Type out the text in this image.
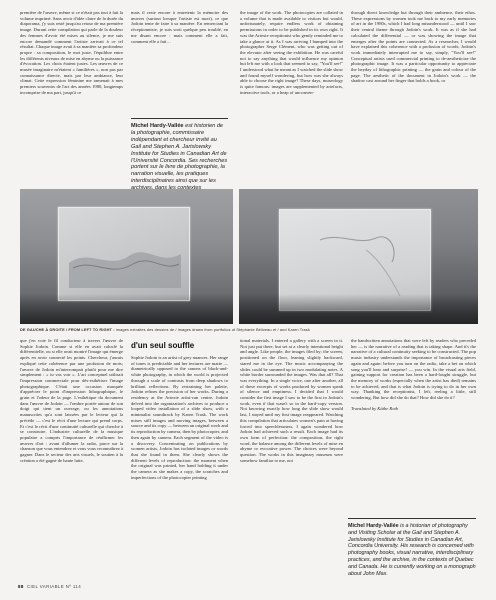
première de l'œuvre, même si ce n'était pas tout à fait la volume imprimé. Sans avoir d'idée claire de la durée du diaporama, j'y suis resté jusqu'au retour de ma première image. Durant cette compilation qui parle de la douleur des femmes d'avoir été mises au silence, je me suis encore demandé comment l'artiste arrivait à ce tel résultat. Chaque image avait à sa manière sa profondeur propre : sa composition, le mot juste, l'équilibre entre les différents niveaux de mise en abyme ou la puissance d'évocation. Les choix étaient justes. Les œuvres de ce musée imaginaire m'étaient « familières », non pas par connaissance directe, mais par leur ambiance, leur climat. Cette expression féminine me ramenait à mes premiers souvenirs de l'art des années 1980, longtemps incomprise de ma part, jusqu'à ce

mais il reste encore à entretenir la mémoire des œuvres (surtout lorsque l'artiste est mort), ce que Jodoin tente de faire à sa manière. En remerciant la réceptionniste, je suis sorti quelque peu troublé, en me disant encore : mais comment elle a fait, comment elle a fait…

Michel Hardy-Vallée est historien de la photographie, commissaire indépendant et chercheur invité au Gail and Stephen A. Jarislowsky Institute for Studies in Canadian Art de l'Université Concordia. Ses recherches portent sur le livre de photographie, la narration visuelle, les pratiques interdisciplinaires ainsi que sur les

the image of the work. The photocopies are collated in a volume that is made available to visitors but would, unfortunately, require endless work of obtaining permissions in order to be published in its own right. It was the Artexte receptionist who gently reminded me to take a glance at it. As I was arriving I bumped into the photographer Serge Clément, who was getting out of the elevator after seeing the exhibition. He was careful not to say anything that would influence my opinion but left me with a look that seemed to say, "You'll see!" I understood what he meant as I watched the slide show and found myself wondering, but how was she always able to choose the right image? These days, museology is quite famous: images are supplemented by artefacts, interactive tools, or a heap of unconven-

through direct knowledge but through their ambience, their ethos. These expressions by women took me back to my early memories of art in the 1980s, which I had long misunderstood — until I saw their central theme through Jodoin's work. It was as if she had calculated the differential — or was showing the image that emerges after the points are connected. As a researcher, I would have explained this coherence with a profusion of words; Jodoin's work immediately interrupted me to say, simply, "You'll see!" Conceptual artists used commercial printing to de-aestheticize the photographic image. It was a particular opportunity to appreciate the heyday of lithographic printing — the grain and colour of the page. The aesthetic of the document in Jodoin's work — the shadow cast around her finger that holds a book, or

DE GAUCHE À DROITE / FROM LEFT TO RIGHT : images extraites des dessins de / images drawn from portfolios of Stéphanie Béliveau et / and Karen Trask

que j'en voie le fil conducteur à travers l'œuvre de Sophie Jodoin. Comme si elle en avait calculé la différentielle, ou si elle avait montré l'image qui émerge après en avoir connecté les points. Chercheur, j'aurais expliqué cette cohérence par une profusion de mots; l'œuvre de Jodoin m'interrompait plutôt pour me dire simplement : « tu vas voir ». L'art conceptuel utilisait l'impression commerciale pour dés-esthétiser l'image photographique. C'était une occasion marquée d'apprécier le point d'impression lithographique, le grain et l'odeur de la page. L'esthétique du document dans l'œuvre de Jodoin — l'ombre portée autour de son doigt qui tient un ouvrage, ou les annotations manuscrites qu'a sont laissées par le lecteur qui la précède — c'est le récit d'une lecture qui prend corps. Et c'est le récit d'une continuité culturelle qui cherche à se construire. L'industrie culturelle de la musique populaire a compris l'importance de réaffirmer les œuvres d'art : avant d'allumer la radio, parce sur la chanson que vous entendrez et vous vous reconnaîtrez à gagner. Dans le secteur des arts visuels, le soutien à la création a été gagné de haute lutte,

d'un seul souffle

Sophie Jodoin is an artist of grey nuances. Her range of tones is predictable and her textures are matte — diametrically opposed to the canons of black-and-white photography, in which the world is projected through a scale of contrasts from deep shadows to brilliant reflections. By restraining her palette, Jodoin refines the precision of her works. During a residency at the Artexte artist-run centre, Jodoin delved into the organization's archives to produce a looped video installation of a slide show, with a minimalist soundtrack by Karen Trask. The work mixes still images and moving images, between a source and its copy — between an original work and its reproduction by camera, then by photocopier, and then again by camera. Each segment of the video is a discovery. Concentrating on publications by women artists, Jodoin has isolated images or words that she found in them. She clearly shows the different levels of reproduction: the moment when the original was printed, her hand holding it under the camera as she makes a copy, the scratches and imperfections of the photocopier printing

tional materials. I entered a gallery with a screen in it. Not just put there, but set at a clearly intentional height and angle. Like people, the images filed by; the screen, positioned on the floor, leaning slightly backward, stared me in the eye. The music accompanying the slides could be summed up in two modulating notes. A white border surrounded the images. Was that all? That was everything. In a single voice, one after another, all of these excerpts of works produced by women speak of silence and emptiness. I decided that I would consider the first image I saw to be the first in Jodoin's work, even if that wasn't so in the hard-copy version. Not knowing exactly how long the slide show would last, I stayed until my first image reappeared. Watching this compilation that articulates women's pain at having forced into speechlessness, I again wondered how Jodoin had achieved such a result. Each image had its own form of perfection: the composition, the right word, the balance among the different levels of mise en abyme or evocative power. The choices were beyond question. The works in this imaginary museum were somehow familiar to me, not

the handwritten annotations that were left by readers who preceded her — is the narrative of a reading that is taking shape. And it's the narrative of a cultural continuity seeking to be constructed. The pop music industry understands the importance of broadcasting pieces again and again: before you turn on the radio, take a bet on which song you'll hear and surprise! — you win. In the visual arts field, gaining support for creation has been a hard-fought struggle, but the memory of works (especially when the artist has died) remains to be achieved, and that is what Jodoin is trying to do in her own way. Thanking the receptionist, I left, reeling a little, still wondering, But how did she do that? How did she do it?

Translated by Käthe Roth

Michel Hardy-Vallée is a historian of photography and Visiting Scholar at the Gail and Stephen A. Jarislowsky Institute for Studies in Canadian Art, Concordia University. His research is concerned with photography books, visual narrative, interdisciplinary practices, and the archive, in the contexts of Quebec and Canada. He is currently working on a monograph about John Max.
88 CIEL VARIABLE Nº 114
